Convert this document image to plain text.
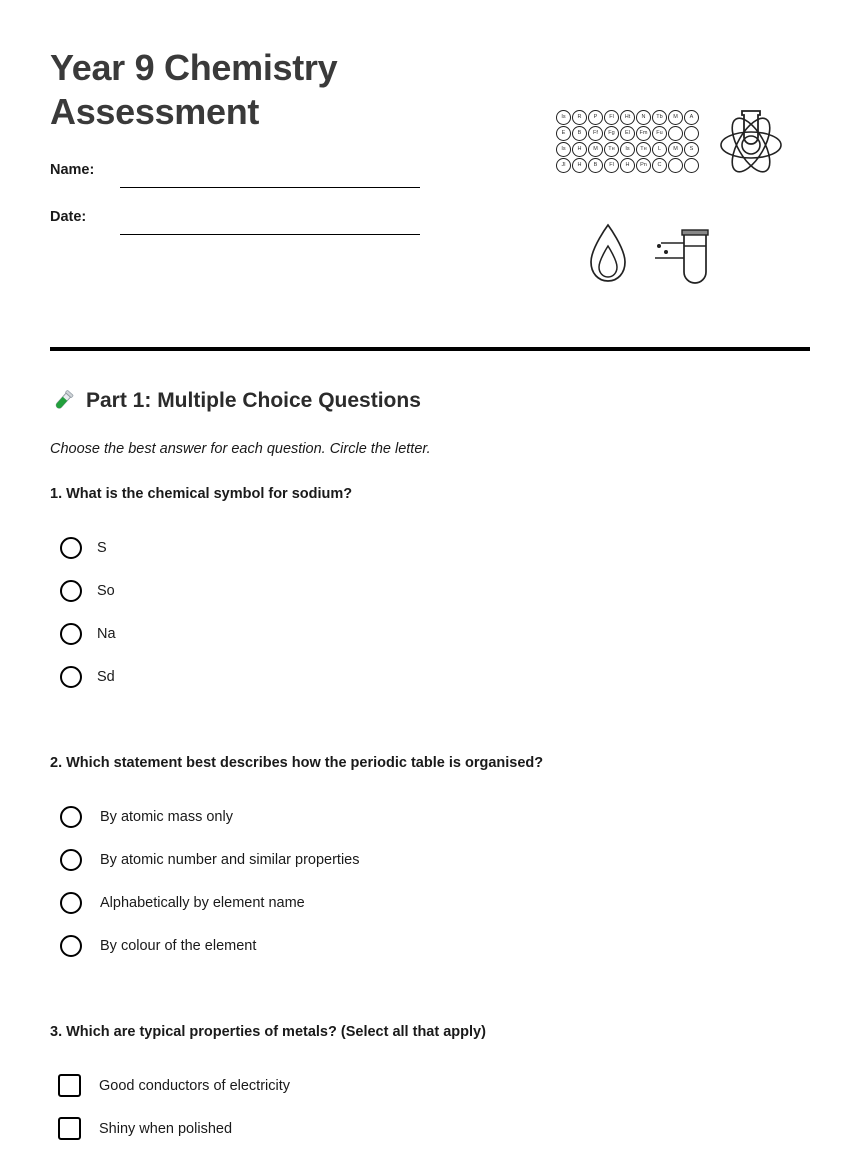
Year 9 Chemistry Assessment
Name:
Date:
Is	R	P	Fl	Ht	N	Tb	M	A
E	B	Ff	Fg	El	Fm	Fu
Is	H	M	Tн	Is	Tн	L	M	S
Jl	H	B	Fl	H	Pn	C
Part 1: Multiple Choice Questions
Choose the best answer for each question. Circle the letter.

1. What is the chemical symbol for sodium?

S
So
Na
Sd

2. Which statement best describes how the periodic table is organised?

By atomic mass only
By atomic number and similar properties
Alphabetically by element name
By colour of the element

3. Which are typical properties of metals? (Select all that apply)

Good conductors of electricity
Shiny when polished
